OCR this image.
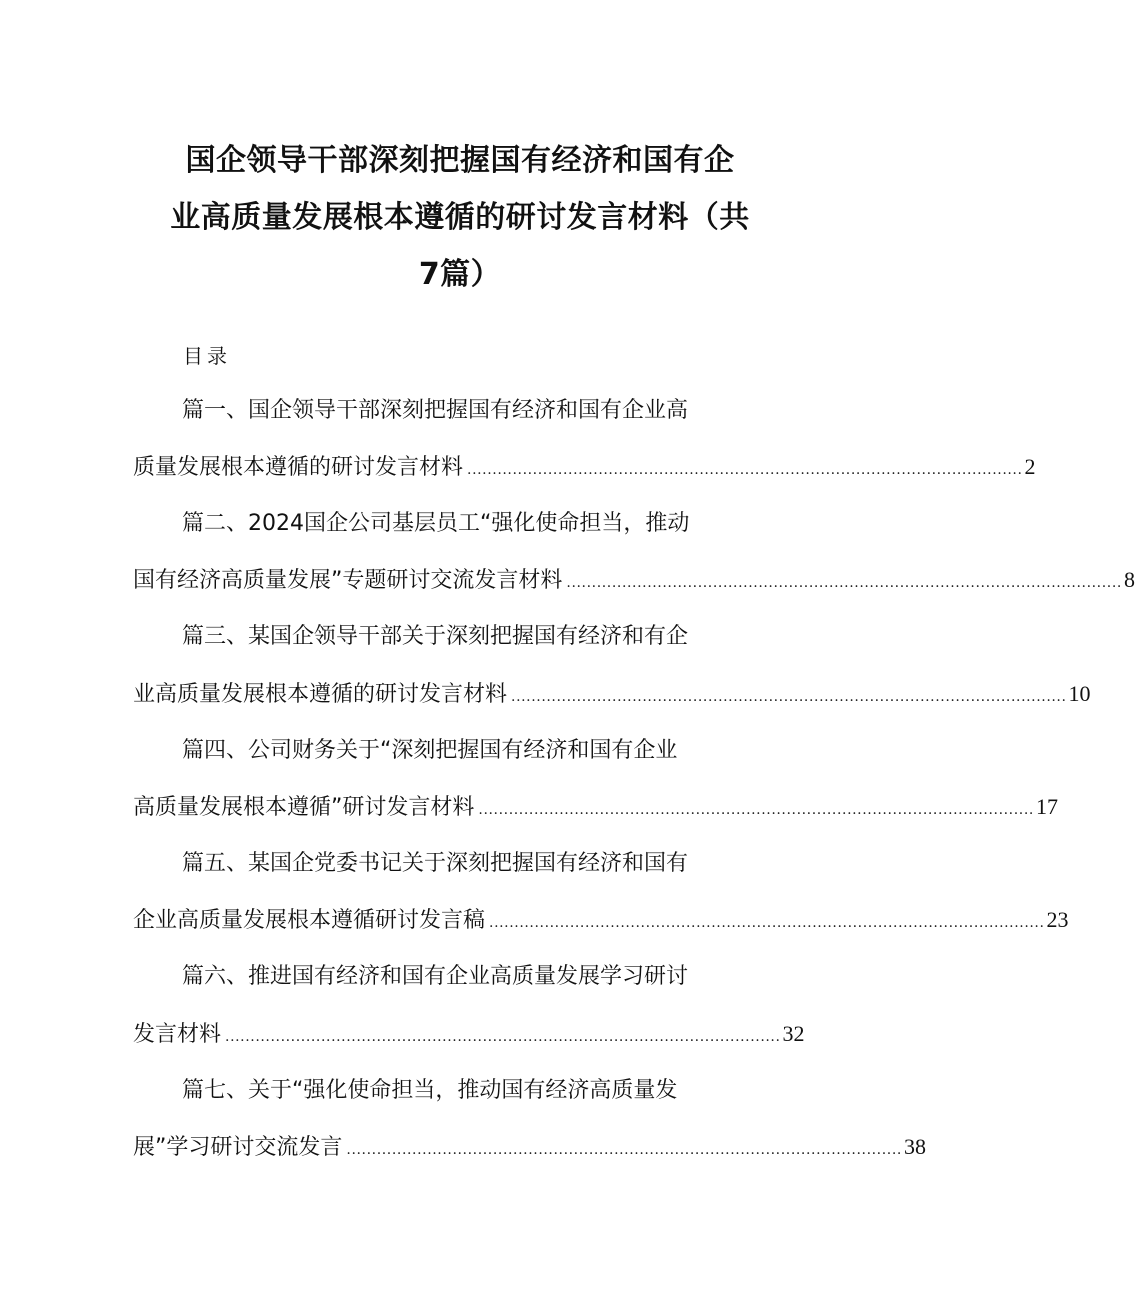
国企领导干部深刻把握国有经济和国有企
业高质量发展根本遵循的研讨发言材料（共
7篇）
目录
篇一、国企领导干部深刻把握国有经济和国有企业高
质量发展根本遵循的研讨发言材料 .............................................................................................................. 2
篇二、2024国企公司基层员工“强化使命担当，推动
国有经济高质量发展”专题研讨交流发言材料 .............................................................................................................. 8
篇三、某国企领导干部关于深刻把握国有经济和有企
业高质量发展根本遵循的研讨发言材料 .............................................................................................................. 10
篇四、公司财务关于“深刻把握国有经济和国有企业
高质量发展根本遵循”研讨发言材料 .............................................................................................................. 17
篇五、某国企党委书记关于深刻把握国有经济和国有
企业高质量发展根本遵循研讨发言稿 .............................................................................................................. 23
篇六、推进国有经济和国有企业高质量发展学习研讨
发言材料 .............................................................................................................. 32
篇七、关于“强化使命担当，推动国有经济高质量发
展”学习研讨交流发言 .............................................................................................................. 38
